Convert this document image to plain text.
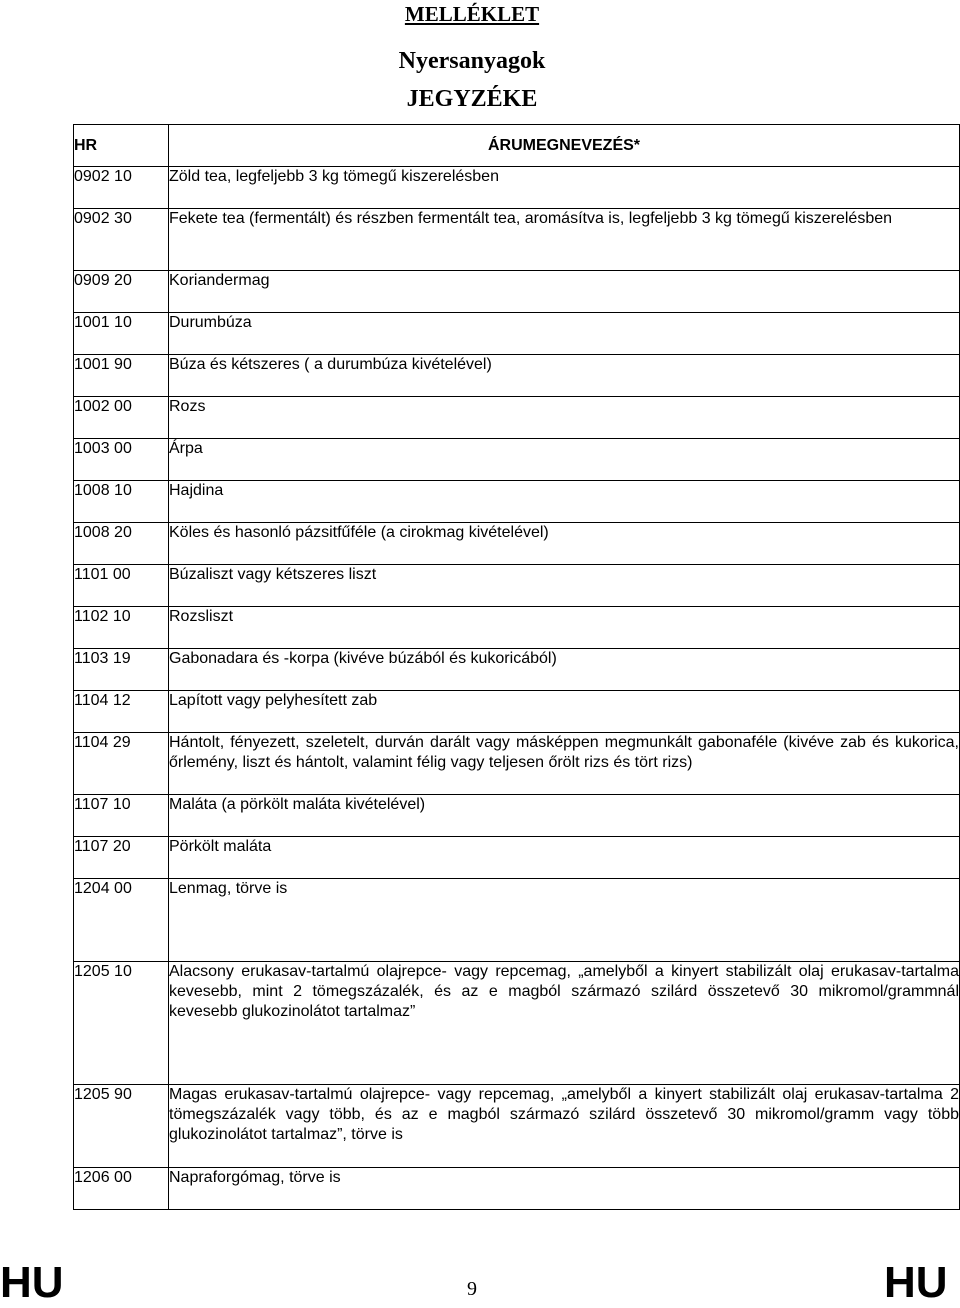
MELLÉKLET
Nyersanyagok
JEGYZÉKE
HR	ÁRUMEGNEVEZÉS*
0902 10	Zöld tea, legfeljebb 3 kg tömegű kiszerelésben
0902 30	Fekete tea (fermentált) és részben fermentált tea, aromásítva is, legfeljebb 3 kg tömegű kiszerelésben
0909 20	Koriandermag
1001 10	Durumbúza
1001 90	Búza és kétszeres ( a durumbúza kivételével)
1002 00	Rozs
1003 00	Árpa
1008 10	Hajdina
1008 20	Köles és hasonló pázsitfűféle (a cirokmag kivételével)
1101 00	Búzaliszt vagy kétszeres liszt
1102 10	Rozsliszt
1103 19	Gabonadara és -korpa (kivéve búzából és kukoricából)
1104 12	Lapított vagy pelyhesített zab
1104 29	Hántolt, fényezett, szeletelt, durván darált vagy másképpen megmunkált gabonaféle (kivéve zab és kukorica, őrlemény, liszt és hántolt, valamint félig vagy teljesen őrölt rizs és tört rizs)
1107 10	Maláta (a pörkölt maláta kivételével)
1107 20	Pörkölt maláta
1204 00	Lenmag, törve is
1205 10	Alacsony erukasav-tartalmú olajrepce- vagy repcemag, „amelyből a kinyert stabilizált olaj erukasav-tartalma kevesebb, mint 2 tömegszázalék, és az e magból származó szilárd összetevő 30 mikromol/grammnál kevesebb glukozinolátot tartalmaz”
1205 90	Magas erukasav-tartalmú olajrepce- vagy repcemag, „amelyből a kinyert stabilizált olaj erukasav-tartalma 2 tömegszázalék vagy több, és az e magból származó szilárd összetevő 30 mikromol/gramm vagy több glukozinolátot tartalmaz”, törve is
1206 00	Napraforgómag, törve is
HU	9	HU
